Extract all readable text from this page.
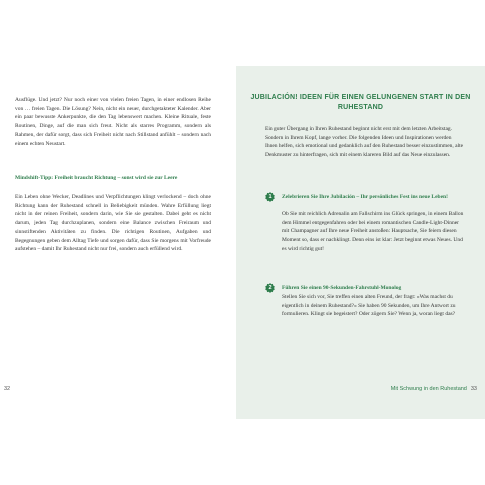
Ausflüge. Und jetzt? Nur noch einer von vielen freien Tagen, in einer endlosen Reihe von … freien Tagen. Die Lösung? Nein, nicht ein neuer, durchgetakteter Kalender. Aber ein paar bewusste Ankerpunkte, die den Tag lebenswert machen. Kleine Rituale, feste Routinen, Dinge, auf die man sich freut. Nicht als starres Programm, sondern als Rahmen, der dafür sorgt, dass sich Freiheit nicht nach Stillstand anfühlt – sondern nach einem echten Neustart.

Mindshift-Tipp: Freiheit braucht Richtung – sonst wird sie zur Leere

Ein Leben ohne Wecker, Deadlines und Verpflichtungen klingt verlockend – doch ohne Richtung kann der Ruhestand schnell in Beliebigkeit münden. Wahre Erfüllung liegt nicht in der reinen Freiheit, sondern darin, wie Sie sie gestalten. Dabei geht es nicht darum, jeden Tag durchzuplanen, sondern eine Balance zwischen Freiraum und sinnstiftenden Aktivitäten zu finden. Die richtigen Routinen, Aufgaben und Begegnungen geben dem Alltag Tiefe und sorgen dafür, dass Sie morgens mit Vorfreude aufstehen – damit Ihr Ruhestand nicht nur frei, sondern auch erfüllend wird.

32

JUBILACIÓN! IDEEN FÜR EINEN GELUNGENEN START IN DEN RUHESTAND

Ein guter Übergang in Ihren Ruhestand beginnt nicht erst mit dem letzten Arbeitstag. Sondern in Ihrem Kopf, lange vorher. Die folgenden Ideen und Inspirationen werden Ihnen helfen, sich emotional und gedanklich auf den Ruhestand besser einzustimmen, alte Denkmuster zu hinterfragen, sich mit einem klareren Bild auf das Neue einzulassen.

1	Zelebrieren Sie Ihre Jubilación – Ihr persönliches Fest ins neue Leben!

Ob Sie mit reichlich Adrenalin am Fallschirm ins Glück springen, in einem Ballon dem Himmel entgegenfahren oder bei einem romantischen Candle-Light-Dinner mit Champagner auf Ihre neue Freiheit anstoßen: Hauptsache, Sie feiern diesen Moment so, dass er nachklingt. Denn eins ist klar: Jetzt beginnt etwas Neues. Und es wird richtig gut!

2	Führen Sie einen 90-Sekunden-Fahrstuhl-Monolog

Stellen Sie sich vor, Sie treffen einen alten Freund, der fragt: »Was machst du eigentlich in deinem Ruhestand?« Sie haben 90 Sekunden, um Ihre Antwort zu formulieren. Klingt sie begeistert? Oder zögern Sie? Wenn ja, woran liegt das?

Mit Schwung in den Ruhestand 33
